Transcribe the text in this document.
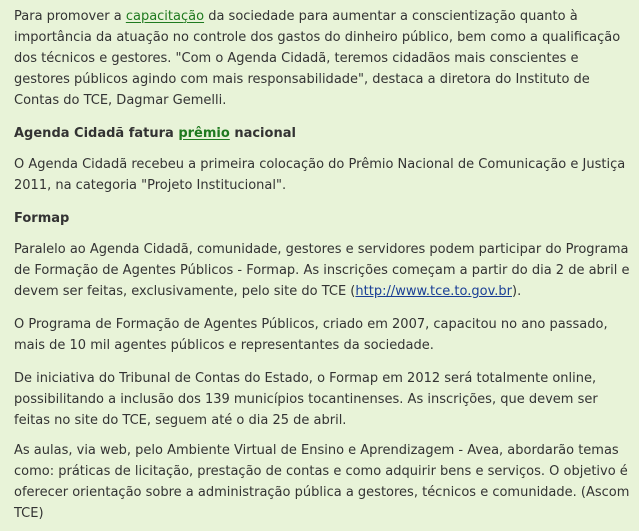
Para promover a capacitação da sociedade para aumentar a conscientização quanto à importância da atuação no controle dos gastos do dinheiro público, bem como a qualificação dos técnicos e gestores. "Com o Agenda Cidadã, teremos cidadãos mais conscientes e gestores públicos agindo com mais responsabilidade", destaca a diretora do Instituto de Contas do TCE, Dagmar Gemelli.

Agenda Cidadã fatura prêmio nacional

O Agenda Cidadã recebeu a primeira colocação do Prêmio Nacional de Comunicação e Justiça 2011, na categoria "Projeto Institucional".

Formap

Paralelo ao Agenda Cidadã, comunidade, gestores e servidores podem participar do Programa de Formação de Agentes Públicos - Formap. As inscrições começam a partir do dia 2 de abril e devem ser feitas, exclusivamente, pelo site do TCE (http://www.tce.to.gov.br).

O Programa de Formação de Agentes Públicos, criado em 2007, capacitou no ano passado, mais de 10 mil agentes públicos e representantes da sociedade.

De iniciativa do Tribunal de Contas do Estado, o Formap em 2012 será totalmente online, possibilitando a inclusão dos 139 municípios tocantinenses. As inscrições, que devem ser feitas no site do TCE, seguem até o dia 25 de abril.

As aulas, via web, pelo Ambiente Virtual de Ensino e Aprendizagem - Avea, abordarão temas como: práticas de licitação, prestação de contas e como adquirir bens e serviços. O objetivo é oferecer orientação sobre a administração pública a gestores, técnicos e comunidade. (Ascom TCE)
